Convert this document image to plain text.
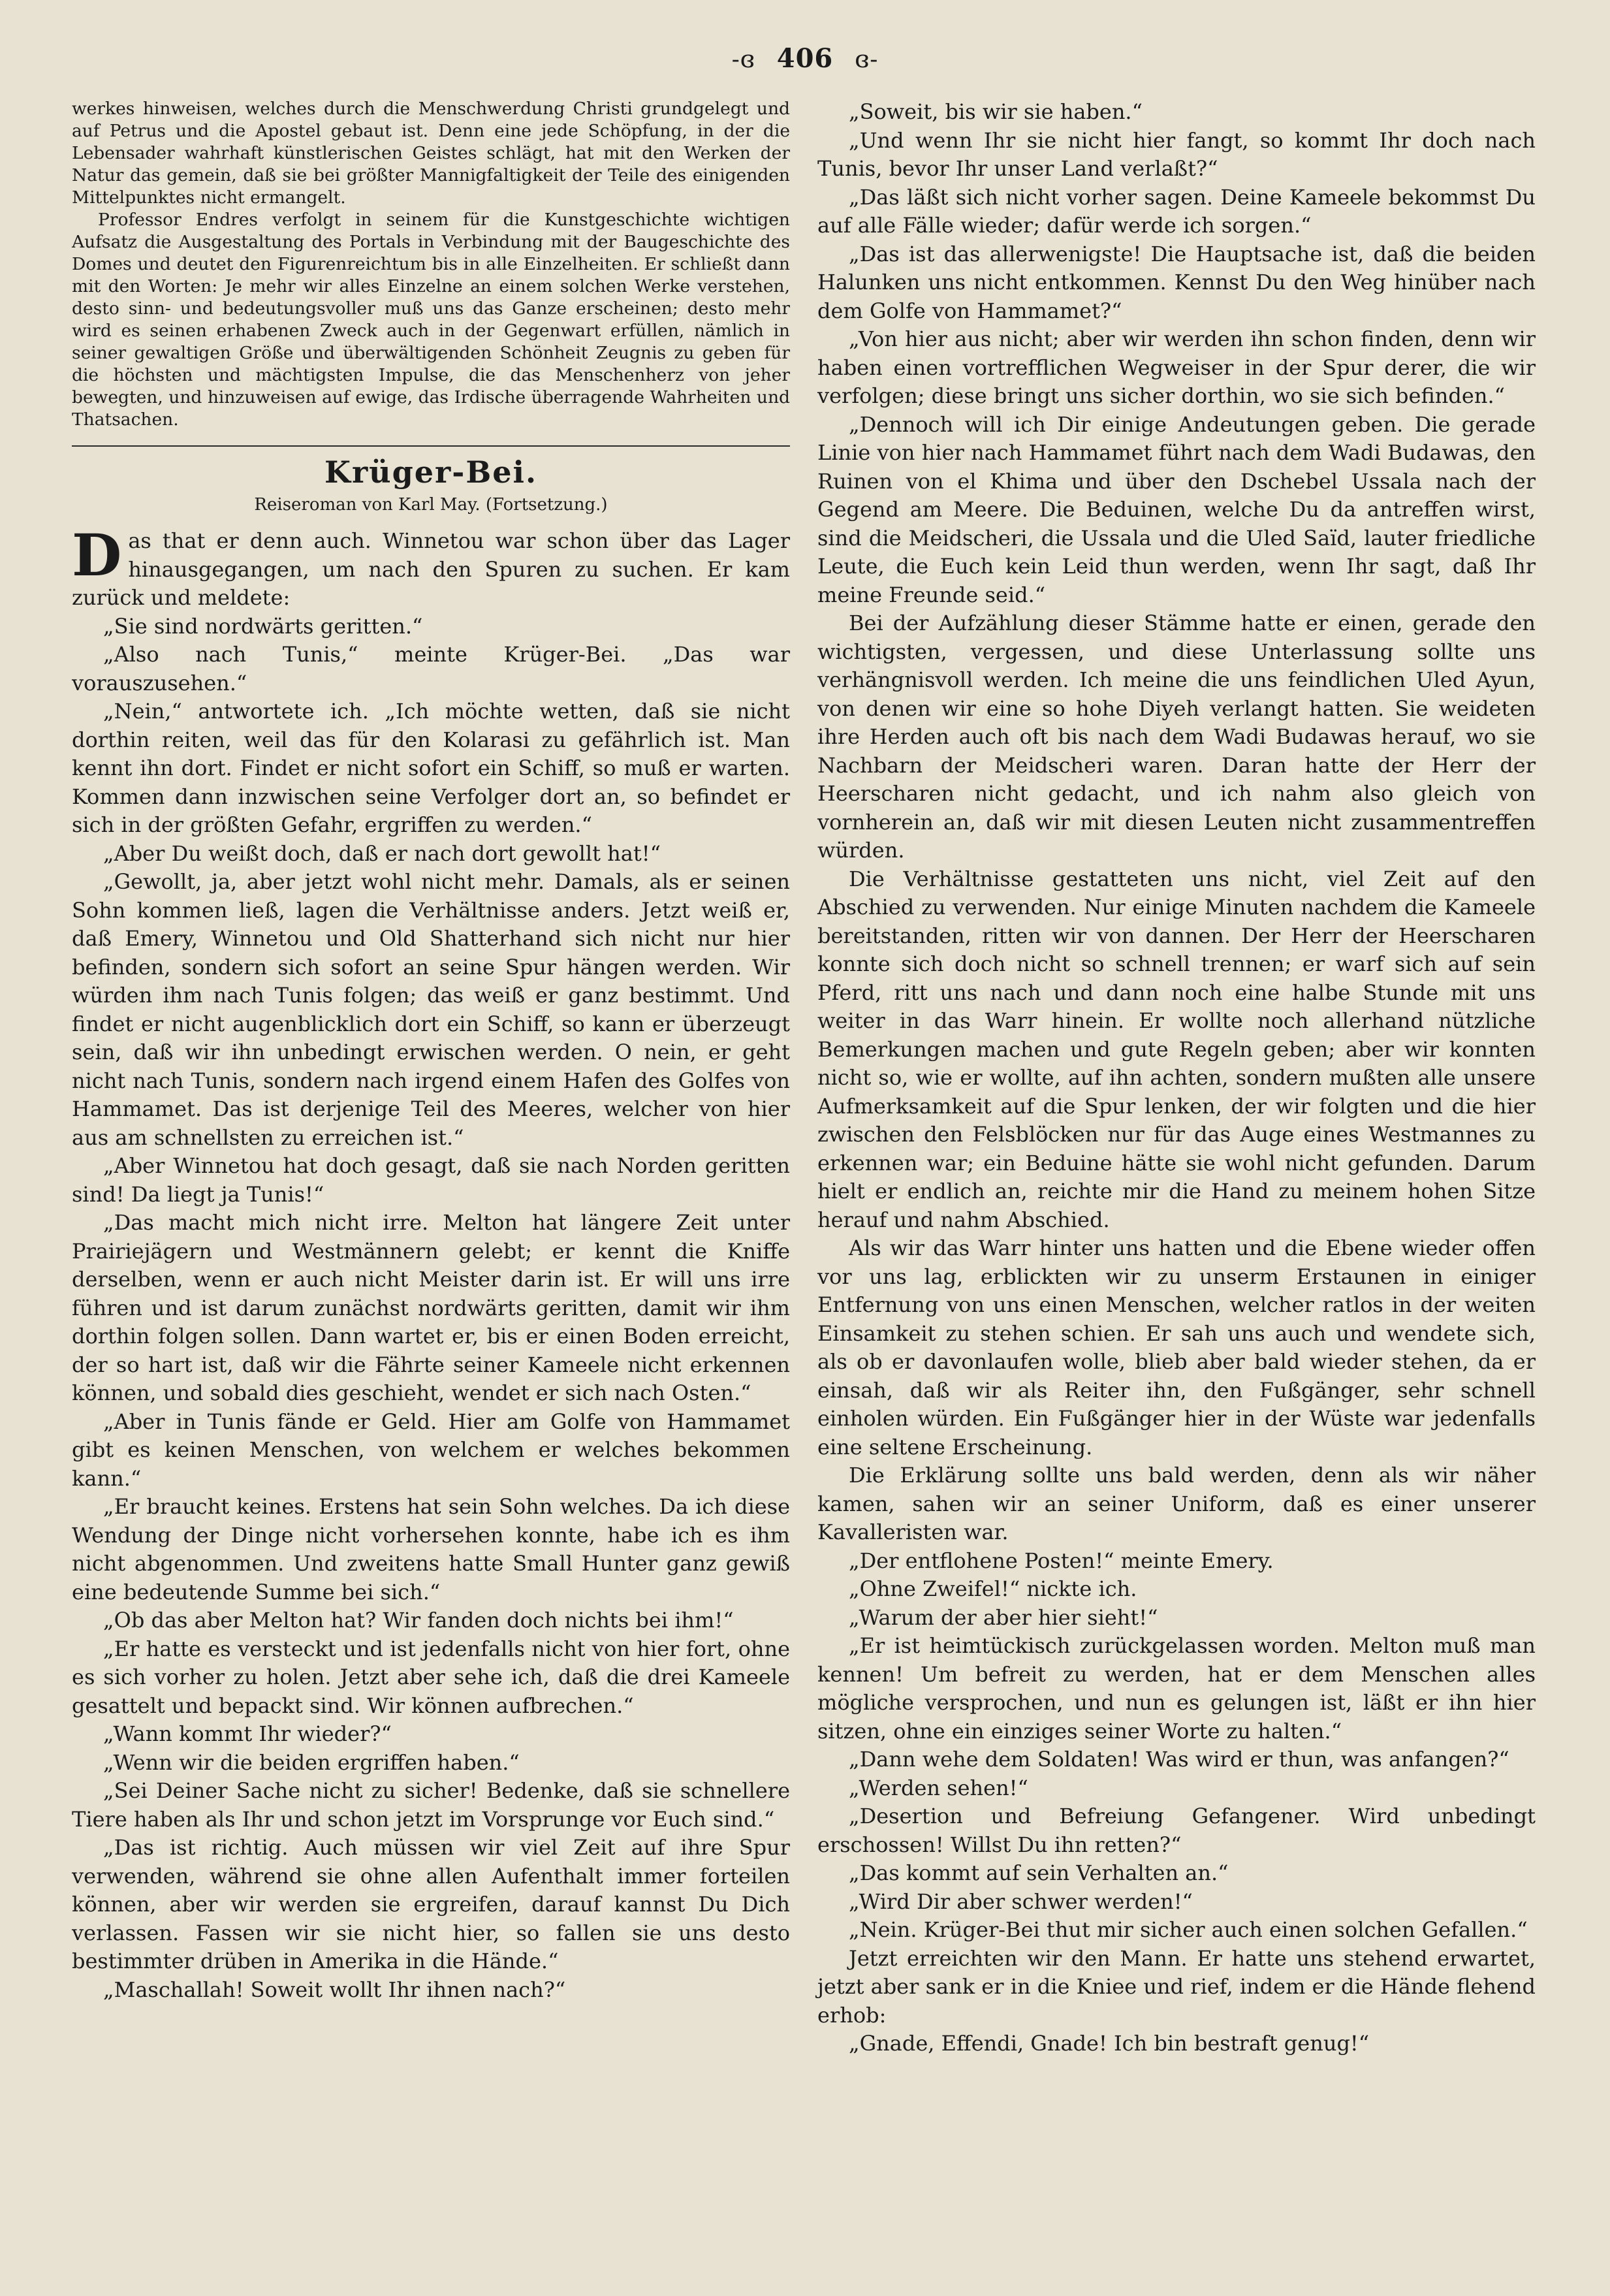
-ɞ 406 ɞ-

werkes hinweisen, welches durch die Menschwerdung Christi grundgelegt und auf Petrus und die Apostel gebaut ist. Denn eine jede Schöpfung, in der die Lebensader wahrhaft künstlerischen Geistes schlägt, hat mit den Werken der Natur das gemein, daß sie bei größter Mannigfaltigkeit der Teile des einigenden Mittelpunktes nicht ermangelt.

Professor Endres verfolgt in seinem für die Kunstgeschichte wichtigen Aufsatz die Ausgestaltung des Portals in Verbindung mit der Baugeschichte des Domes und deutet den Figurenreichtum bis in alle Einzelheiten. Er schließt dann mit den Worten: Je mehr wir alles Einzelne an einem solchen Werke verstehen, desto sinn- und bedeutungsvoller muß uns das Ganze erscheinen; desto mehr wird es seinen erhabenen Zweck auch in der Gegenwart erfüllen, nämlich in seiner gewaltigen Größe und überwältigenden Schönheit Zeugnis zu geben für die höchsten und mächtigsten Impulse, die das Menschenherz von jeher bewegten, und hinzuweisen auf ewige, das Irdische überragende Wahrheiten und Thatsachen.

Krüger-Bei.
Reiseroman von Karl May. (Fortsetzung.)

Das that er denn auch. Winnetou war schon über das Lager hinausgegangen, um nach den Spuren zu suchen. Er kam zurück und meldete:

„Sie sind nordwärts geritten.“

„Also nach Tunis,“ meinte Krüger-Bei. „Das war vorauszusehen.“

„Nein,“ antwortete ich. „Ich möchte wetten, daß sie nicht dorthin reiten, weil das für den Kolarasi zu gefährlich ist. Man kennt ihn dort. Findet er nicht sofort ein Schiff, so muß er warten. Kommen dann inzwischen seine Verfolger dort an, so befindet er sich in der größten Gefahr, ergriffen zu werden.“

„Aber Du weißt doch, daß er nach dort gewollt hat!“

„Gewollt, ja, aber jetzt wohl nicht mehr. Damals, als er seinen Sohn kommen ließ, lagen die Verhältnisse anders. Jetzt weiß er, daß Emery, Winnetou und Old Shatterhand sich nicht nur hier befinden, sondern sich sofort an seine Spur hängen werden. Wir würden ihm nach Tunis folgen; das weiß er ganz bestimmt. Und findet er nicht augenblicklich dort ein Schiff, so kann er überzeugt sein, daß wir ihn unbedingt erwischen werden. O nein, er geht nicht nach Tunis, sondern nach irgend einem Hafen des Golfes von Hammamet. Das ist derjenige Teil des Meeres, welcher von hier aus am schnellsten zu erreichen ist.“

„Aber Winnetou hat doch gesagt, daß sie nach Norden geritten sind! Da liegt ja Tunis!“

„Das macht mich nicht irre. Melton hat längere Zeit unter Prairiejägern und Westmännern gelebt; er kennt die Kniffe derselben, wenn er auch nicht Meister darin ist. Er will uns irre führen und ist darum zunächst nordwärts geritten, damit wir ihm dorthin folgen sollen. Dann wartet er, bis er einen Boden erreicht, der so hart ist, daß wir die Fährte seiner Kameele nicht erkennen können, und sobald dies geschieht, wendet er sich nach Osten.“

„Aber in Tunis fände er Geld. Hier am Golfe von Hammamet gibt es keinen Menschen, von welchem er welches bekommen kann.“

„Er braucht keines. Erstens hat sein Sohn welches. Da ich diese Wendung der Dinge nicht vorhersehen konnte, habe ich es ihm nicht abgenommen. Und zweitens hatte Small Hunter ganz gewiß eine bedeutende Summe bei sich.“

„Ob das aber Melton hat? Wir fanden doch nichts bei ihm!“

„Er hatte es versteckt und ist jedenfalls nicht von hier fort, ohne es sich vorher zu holen. Jetzt aber sehe ich, daß die drei Kameele gesattelt und bepackt sind. Wir können aufbrechen.“

„Wann kommt Ihr wieder?“

„Wenn wir die beiden ergriffen haben.“

„Sei Deiner Sache nicht zu sicher! Bedenke, daß sie schnellere Tiere haben als Ihr und schon jetzt im Vorsprunge vor Euch sind.“

„Das ist richtig. Auch müssen wir viel Zeit auf ihre Spur verwenden, während sie ohne allen Aufenthalt immer forteilen können, aber wir werden sie ergreifen, darauf kannst Du Dich verlassen. Fassen wir sie nicht hier, so fallen sie uns desto bestimmter drüben in Amerika in die Hände.“

„Maschallah! Soweit wollt Ihr ihnen nach?“

„Soweit, bis wir sie haben.“

„Und wenn Ihr sie nicht hier fangt, so kommt Ihr doch nach Tunis, bevor Ihr unser Land verlaßt?“

„Das läßt sich nicht vorher sagen. Deine Kameele bekommst Du auf alle Fälle wieder; dafür werde ich sorgen.“

„Das ist das allerwenigste! Die Hauptsache ist, daß die beiden Halunken uns nicht entkommen. Kennst Du den Weg hinüber nach dem Golfe von Hammamet?“

„Von hier aus nicht; aber wir werden ihn schon finden, denn wir haben einen vortrefflichen Wegweiser in der Spur derer, die wir verfolgen; diese bringt uns sicher dorthin, wo sie sich befinden.“

„Dennoch will ich Dir einige Andeutungen geben. Die gerade Linie von hier nach Hammamet führt nach dem Wadi Budawas, den Ruinen von el Khima und über den Dschebel Ussala nach der Gegend am Meere. Die Beduinen, welche Du da antreffen wirst, sind die Meidscheri, die Ussala und die Uled Saïd, lauter friedliche Leute, die Euch kein Leid thun werden, wenn Ihr sagt, daß Ihr meine Freunde seid.“

Bei der Aufzählung dieser Stämme hatte er einen, gerade den wichtigsten, vergessen, und diese Unterlassung sollte uns verhängnisvoll werden. Ich meine die uns feindlichen Uled Ayun, von denen wir eine so hohe Diyeh verlangt hatten. Sie weideten ihre Herden auch oft bis nach dem Wadi Budawas herauf, wo sie Nachbarn der Meidscheri waren. Daran hatte der Herr der Heerscharen nicht gedacht, und ich nahm also gleich von vornherein an, daß wir mit diesen Leuten nicht zusammentreffen würden.

Die Verhältnisse gestatteten uns nicht, viel Zeit auf den Abschied zu verwenden. Nur einige Minuten nachdem die Kameele bereitstanden, ritten wir von dannen. Der Herr der Heerscharen konnte sich doch nicht so schnell trennen; er warf sich auf sein Pferd, ritt uns nach und dann noch eine halbe Stunde mit uns weiter in das Warr hinein. Er wollte noch allerhand nützliche Bemerkungen machen und gute Regeln geben; aber wir konnten nicht so, wie er wollte, auf ihn achten, sondern mußten alle unsere Aufmerksamkeit auf die Spur lenken, der wir folgten und die hier zwischen den Felsblöcken nur für das Auge eines Westmannes zu erkennen war; ein Beduine hätte sie wohl nicht gefunden. Darum hielt er endlich an, reichte mir die Hand zu meinem hohen Sitze herauf und nahm Abschied.

Als wir das Warr hinter uns hatten und die Ebene wieder offen vor uns lag, erblickten wir zu unserm Erstaunen in einiger Entfernung von uns einen Menschen, welcher ratlos in der weiten Einsamkeit zu stehen schien. Er sah uns auch und wendete sich, als ob er davonlaufen wolle, blieb aber bald wieder stehen, da er einsah, daß wir als Reiter ihn, den Fußgänger, sehr schnell einholen würden. Ein Fußgänger hier in der Wüste war jedenfalls eine seltene Erscheinung.

Die Erklärung sollte uns bald werden, denn als wir näher kamen, sahen wir an seiner Uniform, daß es einer unserer Kavalleristen war.

„Der entflohene Posten!“ meinte Emery.

„Ohne Zweifel!“ nickte ich.

„Warum der aber hier sieht!“

„Er ist heimtückisch zurückgelassen worden. Melton muß man kennen! Um befreit zu werden, hat er dem Menschen alles mögliche versprochen, und nun es gelungen ist, läßt er ihn hier sitzen, ohne ein einziges seiner Worte zu halten.“

„Dann wehe dem Soldaten! Was wird er thun, was anfangen?“

„Werden sehen!“

„Desertion und Befreiung Gefangener. Wird unbedingt erschossen! Willst Du ihn retten?“

„Das kommt auf sein Verhalten an.“

„Wird Dir aber schwer werden!“

„Nein. Krüger-Bei thut mir sicher auch einen solchen Gefallen.“

Jetzt erreichten wir den Mann. Er hatte uns stehend erwartet, jetzt aber sank er in die Kniee und rief, indem er die Hände flehend erhob:

„Gnade, Effendi, Gnade! Ich bin bestraft genug!“
